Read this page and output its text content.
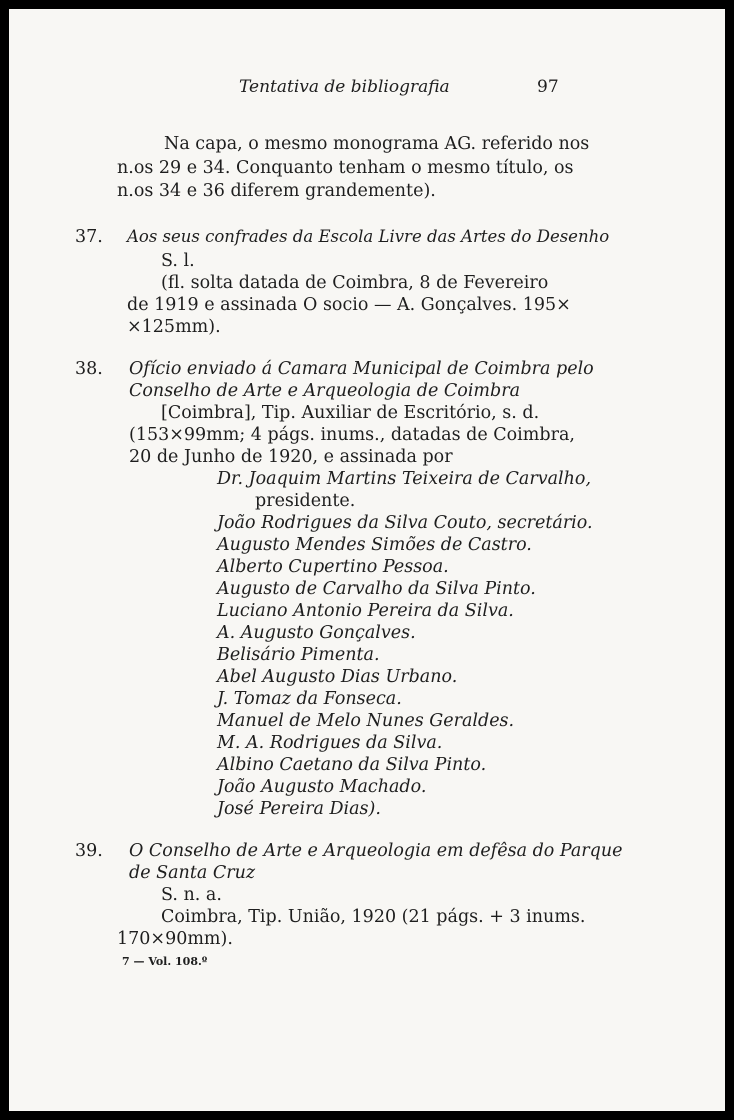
Tentativa de bibliografia	97
Na capa, o mesmo monograma AG. referido nos
n.os 29 e 34. Conquanto tenham o mesmo título, os
n.os 34 e 36 diferem grandemente).
37. Aos seus confrades da Escola Livre das Artes do Desenho
S. l.
(fl. solta datada de Coimbra, 8 de Fevereiro
de 1919 e assinada O socio — A. Gonçalves. 195×
×125mm).
38. Ofício enviado á Camara Municipal de Coimbra pelo
Conselho de Arte e Arqueologia de Coimbra
[Coimbra], Tip. Auxiliar de Escritório, s. d.
(153×99mm; 4 págs. inums., datadas de Coimbra,
20 de Junho de 1920, e assinada por
Dr. Joaquim Martins Teixeira de Carvalho,
presidente.
João Rodrigues da Silva Couto, secretário.
Augusto Mendes Simões de Castro.
Alberto Cupertino Pessoa.
Augusto de Carvalho da Silva Pinto.
Luciano Antonio Pereira da Silva.
A. Augusto Gonçalves.
Belisário Pimenta.
Abel Augusto Dias Urbano.
J. Tomaz da Fonseca.
Manuel de Melo Nunes Geraldes.
M. A. Rodrigues da Silva.
Albino Caetano da Silva Pinto.
João Augusto Machado.
José Pereira Dias).
39. O Conselho de Arte e Arqueologia em defêsa do Parque
de Santa Cruz
S. n. a.
Coimbra, Tip. União, 1920 (21 págs. + 3 inums.
170×90mm).
7 — Vol. 108.º
